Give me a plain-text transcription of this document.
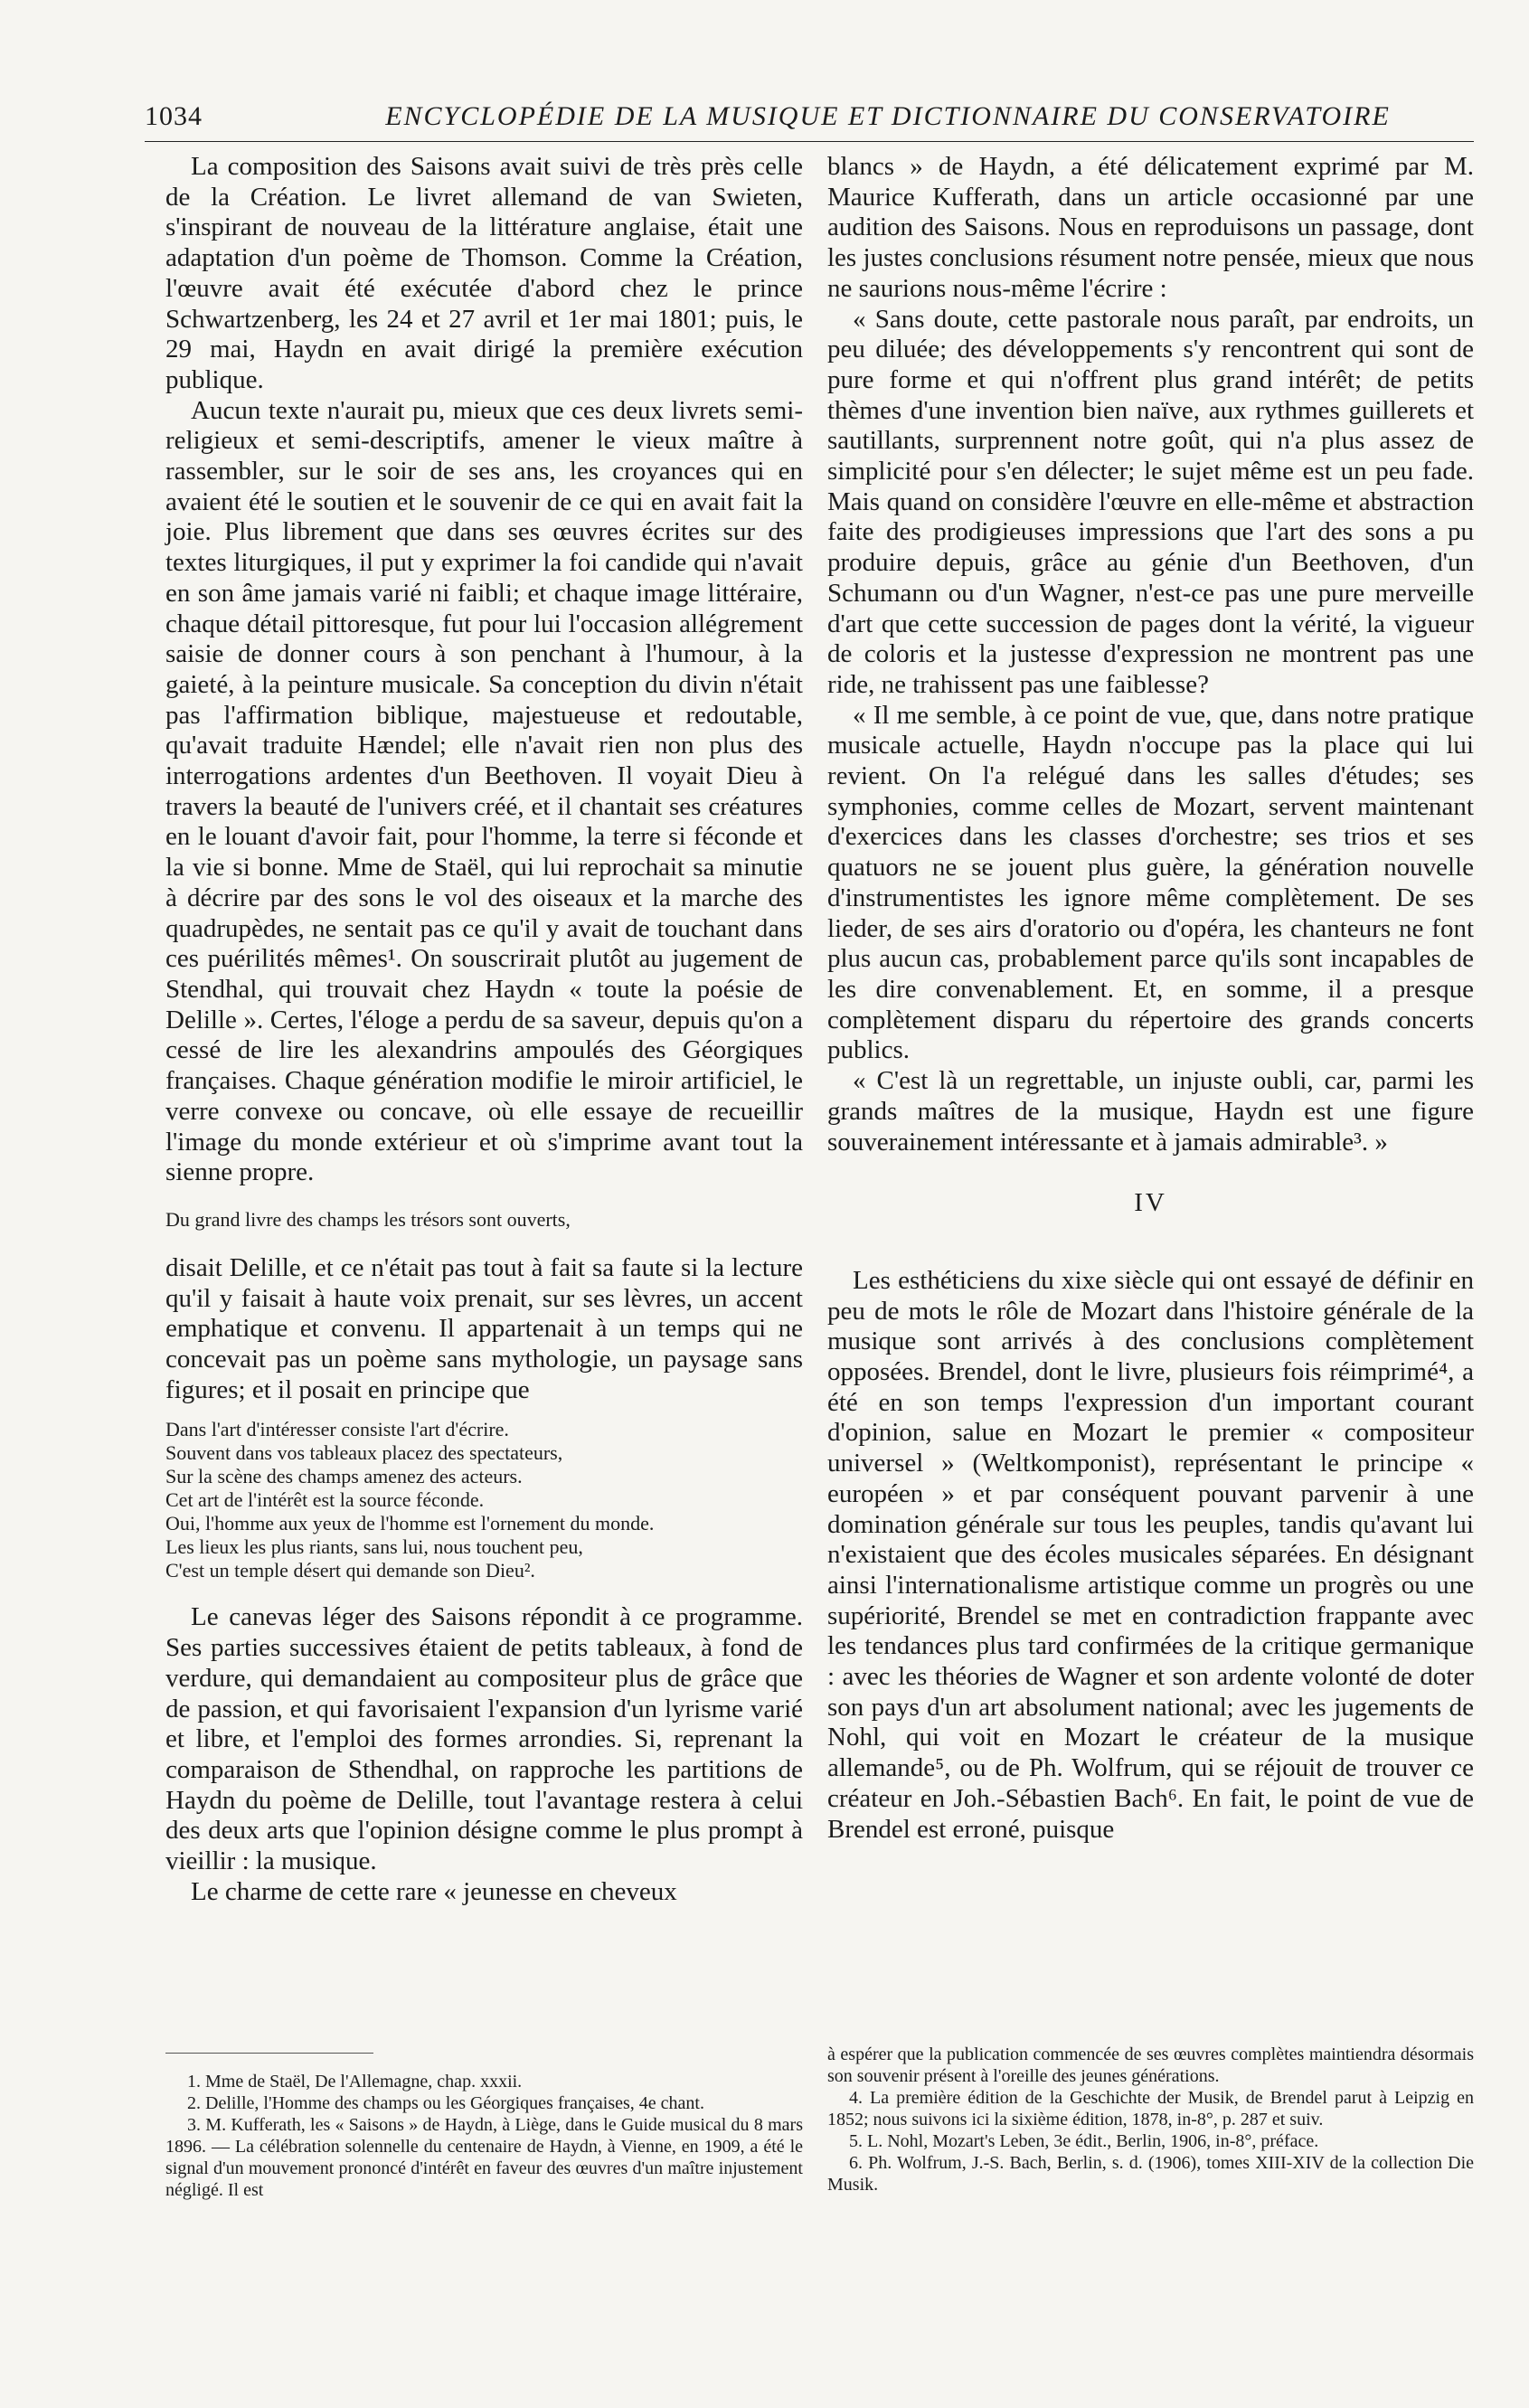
1034	ENCYCLOPÉDIE DE LA MUSIQUE ET DICTIONNAIRE DU CONSERVATOIRE

La composition des Saisons avait suivi de très près celle de la Création. Le livret allemand de van Swieten, s'inspirant de nouveau de la littérature anglaise, était une adaptation d'un poème de Thomson. Comme la Création, l'œuvre avait été exécutée d'abord chez le prince Schwartzenberg, les 24 et 27 avril et 1er mai 1801; puis, le 29 mai, Haydn en avait dirigé la première exécution publique.

Aucun texte n'aurait pu, mieux que ces deux livrets semi-religieux et semi-descriptifs, amener le vieux maître à rassembler, sur le soir de ses ans, les croyances qui en avaient été le soutien et le souvenir de ce qui en avait fait la joie. Plus librement que dans ses œuvres écrites sur des textes liturgiques, il put y exprimer la foi candide qui n'avait en son âme jamais varié ni faibli; et chaque image littéraire, chaque détail pittoresque, fut pour lui l'occasion allégrement saisie de donner cours à son penchant à l'humour, à la gaieté, à la peinture musicale. Sa conception du divin n'était pas l'affirmation biblique, majestueuse et redoutable, qu'avait traduite Hændel; elle n'avait rien non plus des interrogations ardentes d'un Beethoven. Il voyait Dieu à travers la beauté de l'univers créé, et il chantait ses créatures en le louant d'avoir fait, pour l'homme, la terre si féconde et la vie si bonne. Mme de Staël, qui lui reprochait sa minutie à décrire par des sons le vol des oiseaux et la marche des quadrupèdes, ne sentait pas ce qu'il y avait de touchant dans ces puérilités mêmes¹. On souscrirait plutôt au jugement de Stendhal, qui trouvait chez Haydn « toute la poésie de Delille ». Certes, l'éloge a perdu de sa saveur, depuis qu'on a cessé de lire les alexandrins ampoulés des Géorgiques françaises. Chaque génération modifie le miroir artificiel, le verre convexe ou concave, où elle essaye de recueillir l'image du monde extérieur et où s'imprime avant tout la sienne propre.

Du grand livre des champs les trésors sont ouverts,

disait Delille, et ce n'était pas tout à fait sa faute si la lecture qu'il y faisait à haute voix prenait, sur ses lèvres, un accent emphatique et convenu. Il appartenait à un temps qui ne concevait pas un poème sans mythologie, un paysage sans figures; et il posait en principe que

Dans l'art d'intéresser consiste l'art d'écrire.
Souvent dans vos tableaux placez des spectateurs,
Sur la scène des champs amenez des acteurs.
Cet art de l'intérêt est la source féconde.
Oui, l'homme aux yeux de l'homme est l'ornement du monde.
Les lieux les plus riants, sans lui, nous touchent peu,
C'est un temple désert qui demande son Dieu².

Le canevas léger des Saisons répondit à ce programme. Ses parties successives étaient de petits tableaux, à fond de verdure, qui demandaient au compositeur plus de grâce que de passion, et qui favorisaient l'expansion d'un lyrisme varié et libre, et l'emploi des formes arrondies. Si, reprenant la comparaison de Sthendhal, on rapproche les partitions de Haydn du poème de Delille, tout l'avantage restera à celui des deux arts que l'opinion désigne comme le plus prompt à vieillir : la musique.

Le charme de cette rare « jeunesse en cheveux

blancs » de Haydn, a été délicatement exprimé par M. Maurice Kufferath, dans un article occasionné par une audition des Saisons. Nous en reproduisons un passage, dont les justes conclusions résument notre pensée, mieux que nous ne saurions nous-même l'écrire :

« Sans doute, cette pastorale nous paraît, par endroits, un peu diluée; des développements s'y rencontrent qui sont de pure forme et qui n'offrent plus grand intérêt; de petits thèmes d'une invention bien naïve, aux rythmes guillerets et sautillants, surprennent notre goût, qui n'a plus assez de simplicité pour s'en délecter; le sujet même est un peu fade. Mais quand on considère l'œuvre en elle-même et abstraction faite des prodigieuses impressions que l'art des sons a pu produire depuis, grâce au génie d'un Beethoven, d'un Schumann ou d'un Wagner, n'est-ce pas une pure merveille d'art que cette succession de pages dont la vérité, la vigueur de coloris et la justesse d'expression ne montrent pas une ride, ne trahissent pas une faiblesse?

« Il me semble, à ce point de vue, que, dans notre pratique musicale actuelle, Haydn n'occupe pas la place qui lui revient. On l'a relégué dans les salles d'études; ses symphonies, comme celles de Mozart, servent maintenant d'exercices dans les classes d'orchestre; ses trios et ses quatuors ne se jouent plus guère, la génération nouvelle d'instrumentistes les ignore même complètement. De ses lieder, de ses airs d'oratorio ou d'opéra, les chanteurs ne font plus aucun cas, probablement parce qu'ils sont incapables de les dire convenablement. Et, en somme, il a presque complètement disparu du répertoire des grands concerts publics.

« C'est là un regrettable, un injuste oubli, car, parmi les grands maîtres de la musique, Haydn est une figure souverainement intéressante et à jamais admirable³. »

IV

Les esthéticiens du xixe siècle qui ont essayé de définir en peu de mots le rôle de Mozart dans l'histoire générale de la musique sont arrivés à des conclusions complètement opposées. Brendel, dont le livre, plusieurs fois réimprimé⁴, a été en son temps l'expression d'un important courant d'opinion, salue en Mozart le premier « compositeur universel » (Weltkomponist), représentant le principe « européen » et par conséquent pouvant parvenir à une domination générale sur tous les peuples, tandis qu'avant lui n'existaient que des écoles musicales séparées. En désignant ainsi l'internationalisme artistique comme un progrès ou une supériorité, Brendel se met en contradiction frappante avec les tendances plus tard confirmées de la critique germanique : avec les théories de Wagner et son ardente volonté de doter son pays d'un art absolument national; avec les jugements de Nohl, qui voit en Mozart le créateur de la musique allemande⁵, ou de Ph. Wolfrum, qui se réjouit de trouver ce créateur en Joh.-Sébastien Bach⁶. En fait, le point de vue de Brendel est erroné, puisque

1. Mme de Staël, De l'Allemagne, chap. xxxii.
2. Delille, l'Homme des champs ou les Géorgiques françaises, 4e chant.
3. M. Kufferath, les « Saisons » de Haydn, à Liège, dans le Guide musical du 8 mars 1896. — La célébration solennelle du centenaire de Haydn, à Vienne, en 1909, a été le signal d'un mouvement prononcé d'intérêt en faveur des œuvres d'un maître injustement négligé. Il est
à espérer que la publication commencée de ses œuvres complètes maintiendra désormais son souvenir présent à l'oreille des jeunes générations.
4. La première édition de la Geschichte der Musik, de Brendel parut à Leipzig en 1852; nous suivons ici la sixième édition, 1878, in-8°, p. 287 et suiv.
5. L. Nohl, Mozart's Leben, 3e édit., Berlin, 1906, in-8°, préface.
6. Ph. Wolfrum, J.-S. Bach, Berlin, s. d. (1906), tomes XIII-XIV de la collection Die Musik.
